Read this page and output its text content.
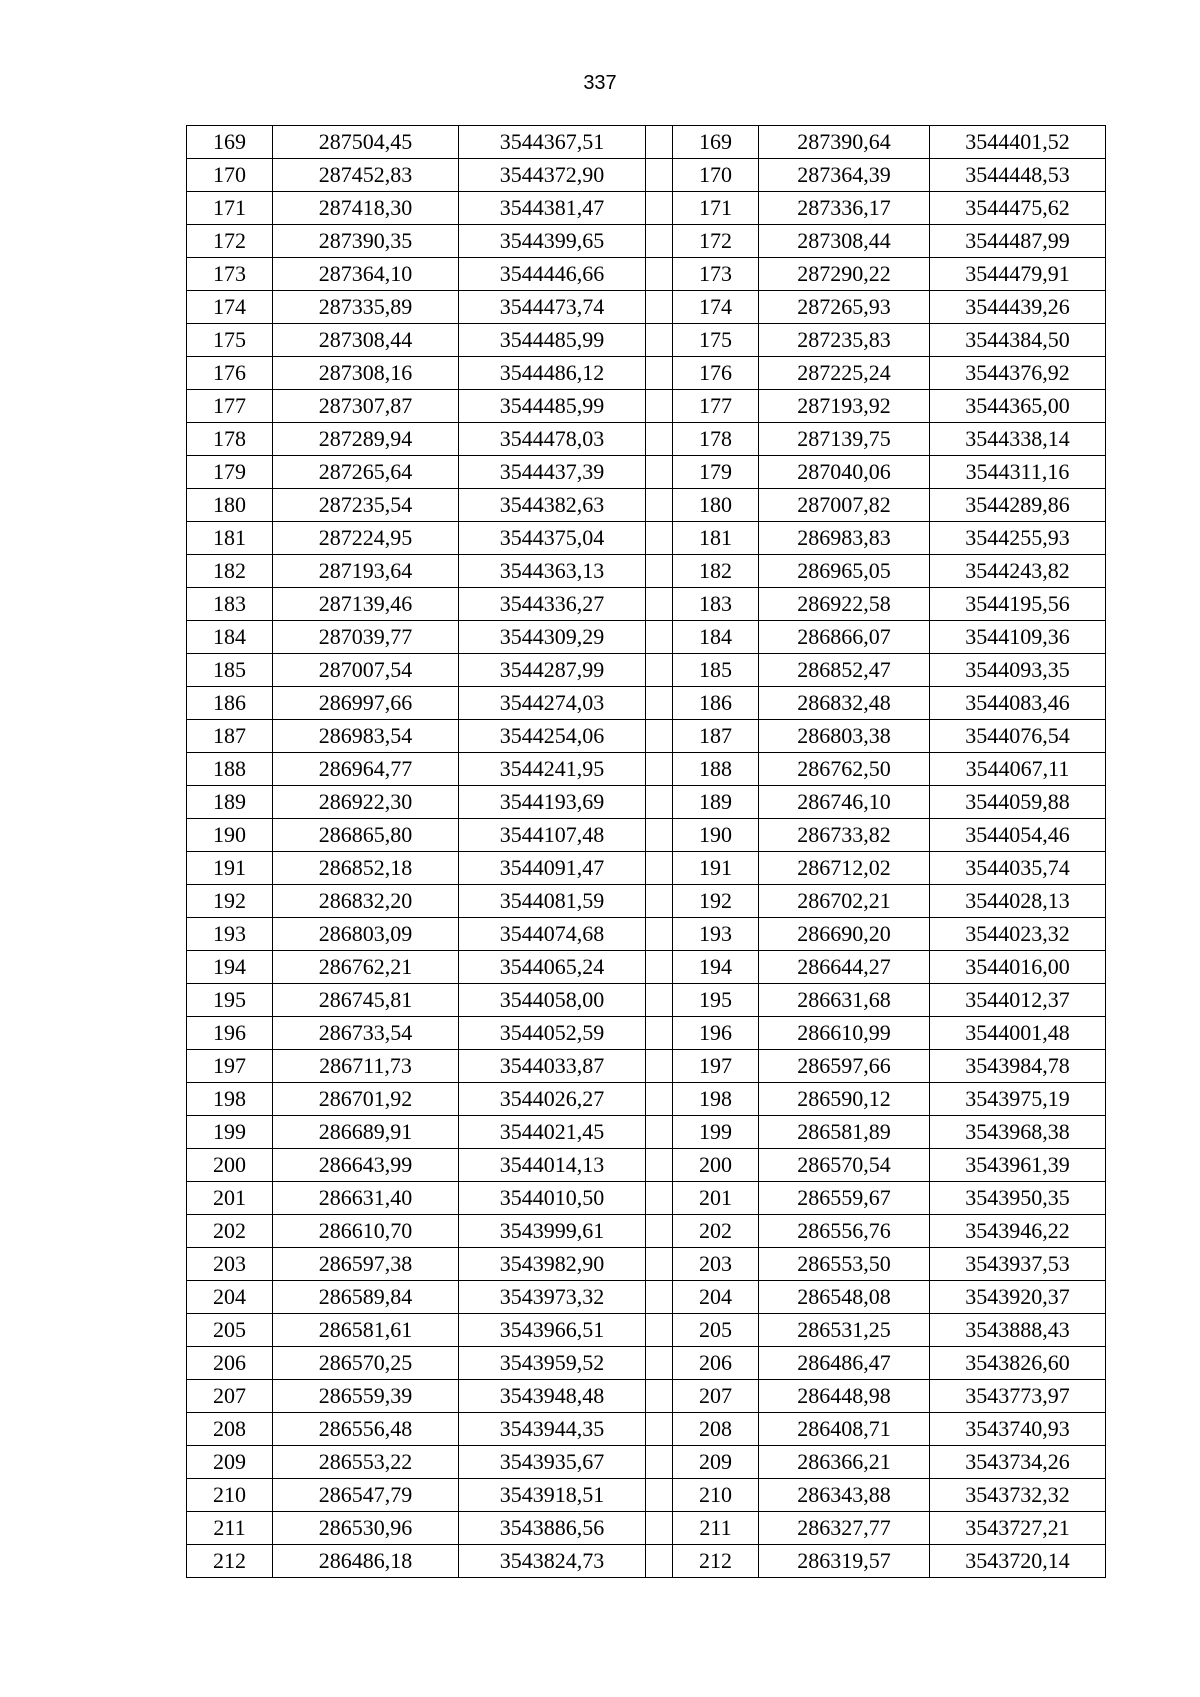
337
169	287504,45	3544367,51		169	287390,64	3544401,52
170	287452,83	3544372,90		170	287364,39	3544448,53
171	287418,30	3544381,47		171	287336,17	3544475,62
172	287390,35	3544399,65		172	287308,44	3544487,99
173	287364,10	3544446,66		173	287290,22	3544479,91
174	287335,89	3544473,74		174	287265,93	3544439,26
175	287308,44	3544485,99		175	287235,83	3544384,50
176	287308,16	3544486,12		176	287225,24	3544376,92
177	287307,87	3544485,99		177	287193,92	3544365,00
178	287289,94	3544478,03		178	287139,75	3544338,14
179	287265,64	3544437,39		179	287040,06	3544311,16
180	287235,54	3544382,63		180	287007,82	3544289,86
181	287224,95	3544375,04		181	286983,83	3544255,93
182	287193,64	3544363,13		182	286965,05	3544243,82
183	287139,46	3544336,27		183	286922,58	3544195,56
184	287039,77	3544309,29		184	286866,07	3544109,36
185	287007,54	3544287,99		185	286852,47	3544093,35
186	286997,66	3544274,03		186	286832,48	3544083,46
187	286983,54	3544254,06		187	286803,38	3544076,54
188	286964,77	3544241,95		188	286762,50	3544067,11
189	286922,30	3544193,69		189	286746,10	3544059,88
190	286865,80	3544107,48		190	286733,82	3544054,46
191	286852,18	3544091,47		191	286712,02	3544035,74
192	286832,20	3544081,59		192	286702,21	3544028,13
193	286803,09	3544074,68		193	286690,20	3544023,32
194	286762,21	3544065,24		194	286644,27	3544016,00
195	286745,81	3544058,00		195	286631,68	3544012,37
196	286733,54	3544052,59		196	286610,99	3544001,48
197	286711,73	3544033,87		197	286597,66	3543984,78
198	286701,92	3544026,27		198	286590,12	3543975,19
199	286689,91	3544021,45		199	286581,89	3543968,38
200	286643,99	3544014,13		200	286570,54	3543961,39
201	286631,40	3544010,50		201	286559,67	3543950,35
202	286610,70	3543999,61		202	286556,76	3543946,22
203	286597,38	3543982,90		203	286553,50	3543937,53
204	286589,84	3543973,32		204	286548,08	3543920,37
205	286581,61	3543966,51		205	286531,25	3543888,43
206	286570,25	3543959,52		206	286486,47	3543826,60
207	286559,39	3543948,48		207	286448,98	3543773,97
208	286556,48	3543944,35		208	286408,71	3543740,93
209	286553,22	3543935,67		209	286366,21	3543734,26
210	286547,79	3543918,51		210	286343,88	3543732,32
211	286530,96	3543886,56		211	286327,77	3543727,21
212	286486,18	3543824,73		212	286319,57	3543720,14
